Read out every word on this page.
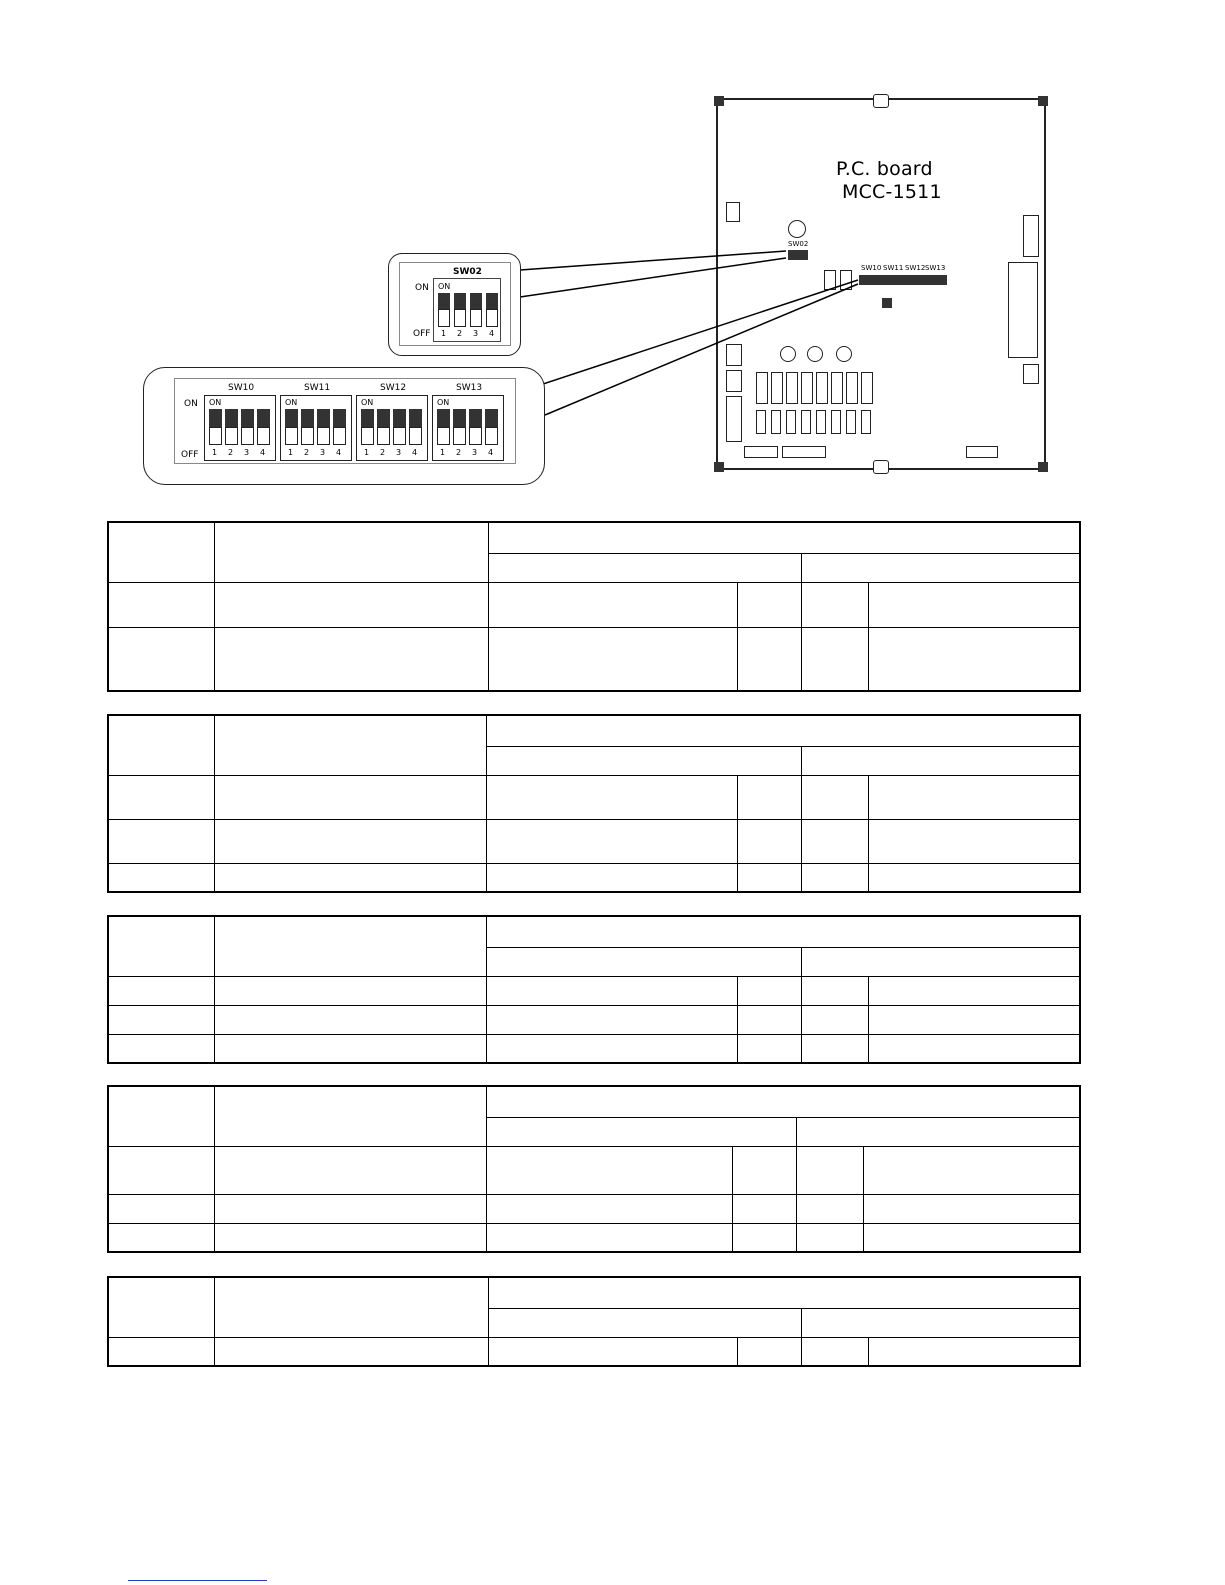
P.C. board
MCC-1511
SW02
SW10 SW11 SW12 SW13
SW02
ON
OFF
ON
1 2 3 4
ON
OFF
SW10
ON
1 2 3 4
SW11
ON
1 2 3 4
SW12
ON
1 2 3 4
SW13
ON
1 2 3 4
